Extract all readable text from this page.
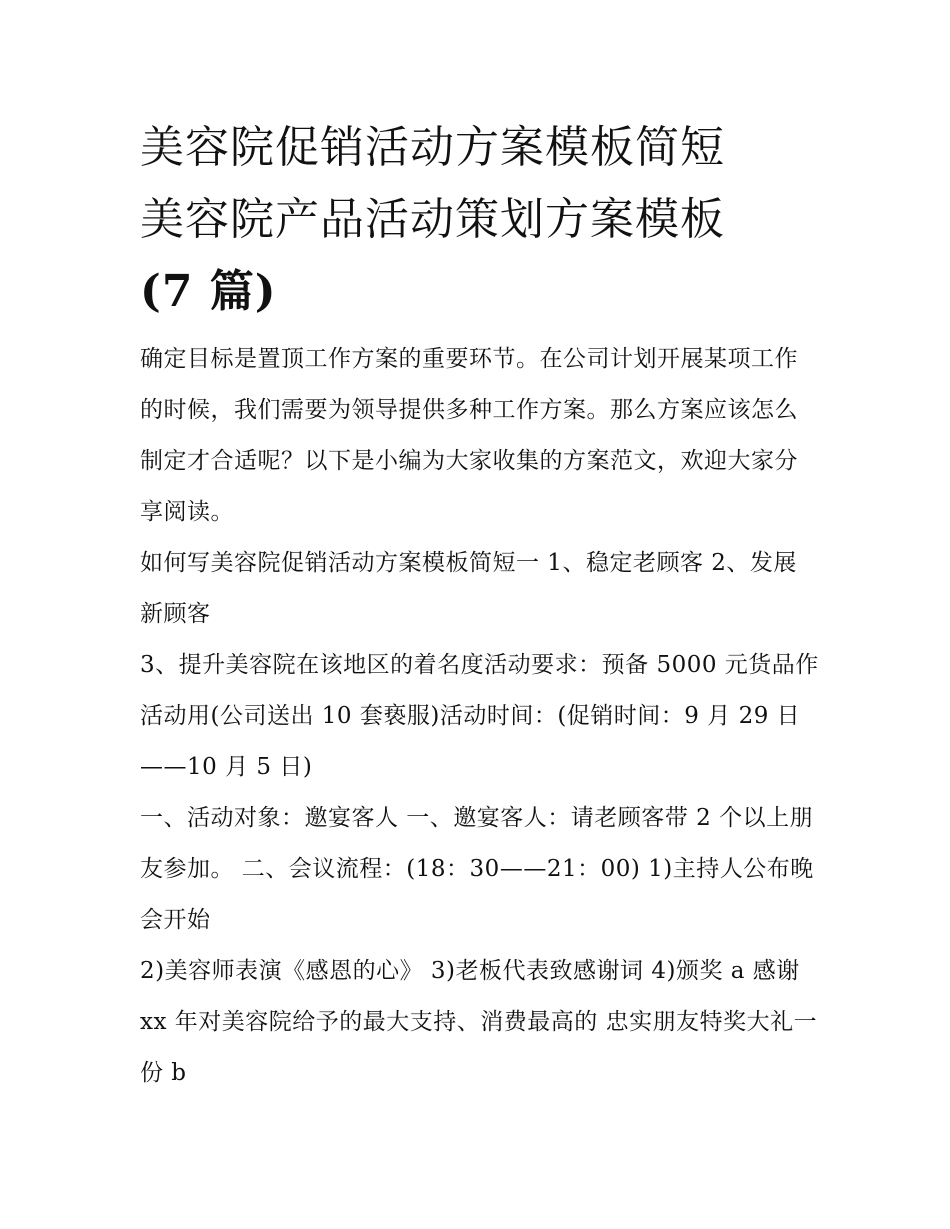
美容院促销活动方案模板简短
美容院产品活动策划方案模板
(7 篇)

确定目标是置顶工作方案的重要环节。在公司计划开展某项工作的时候，我们需要为领导提供多种工作方案。那么方案应该怎么制定才合适呢？以下是小编为大家收集的方案范文，欢迎大家分享阅读。

如何写美容院促销活动方案模板简短一 1、稳定老顾客 2、发展新顾客

3、提升美容院在该地区的着名度活动要求：预备 5000 元货品作活动用(公司送出 10 套亵服)活动时间：(促销时间：9 月 29 日——10 月 5 日)

一、活动对象：邀宴客人 一、邀宴客人：请老顾客带 2 个以上朋友参加。 二、会议流程：(18：30——21：00) 1)主持人公布晚会开始

2)美容师表演《感恩的心》 3)老板代表致感谢词 4)颁奖 a 感谢 xx 年对美容院给予的最大支持、消费最高的 忠实朋友特奖大礼一份 b
